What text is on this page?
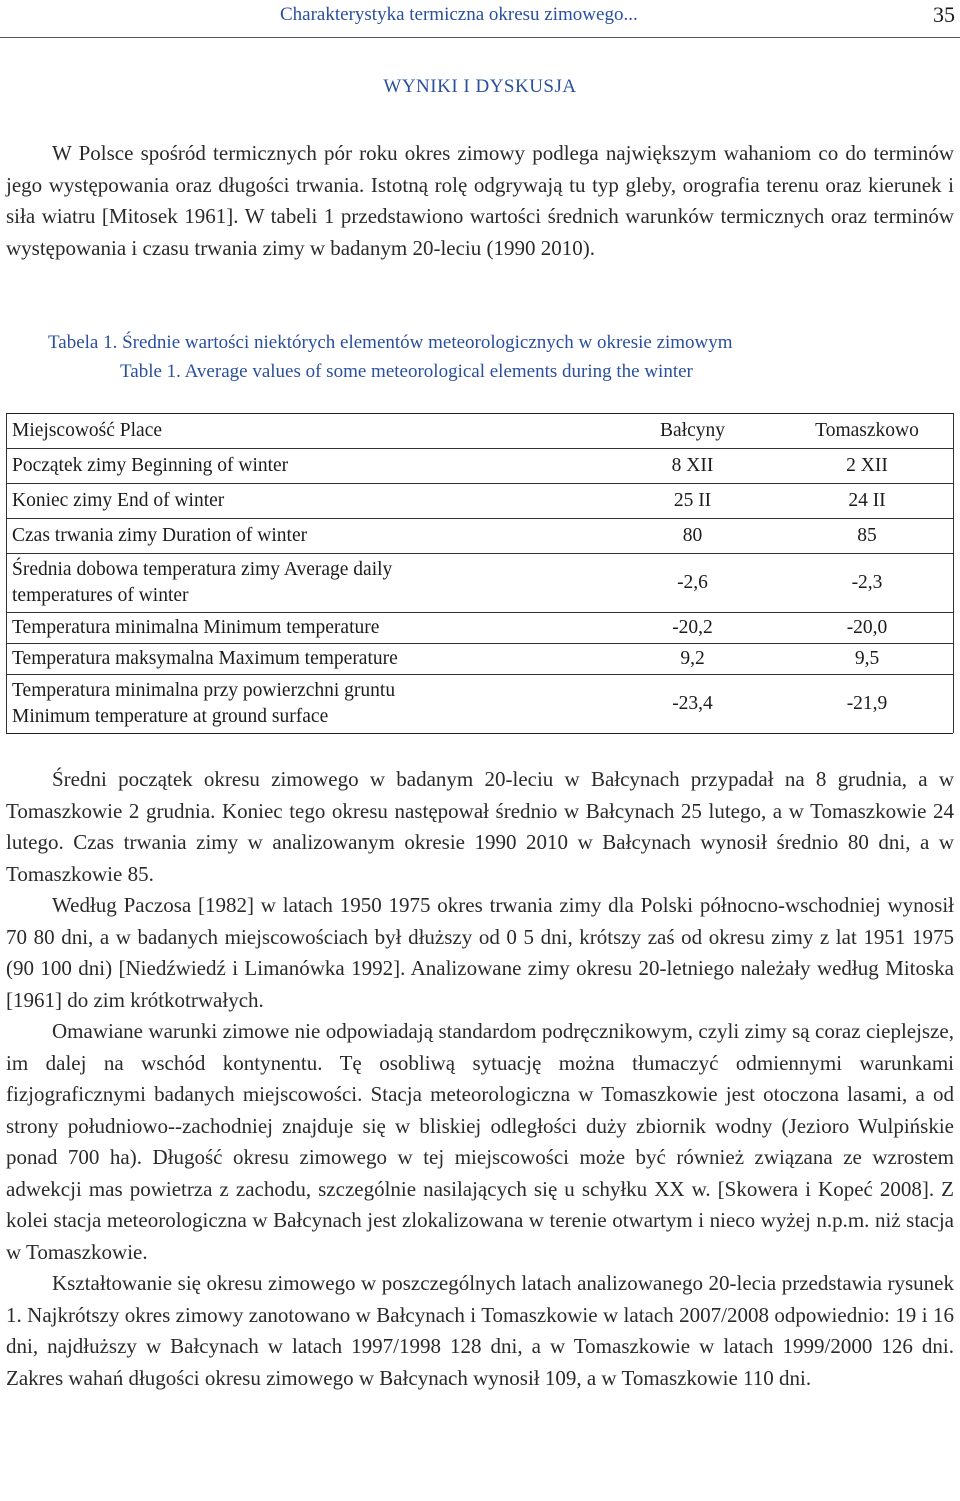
Charakterystyka termiczna okresu zimowego...	35
WYNIKI I DYSKUSJA
W Polsce spośród termicznych pór roku okres zimowy podlega największym wahaniom co do terminów jego występowania oraz długości trwania. Istotną rolę odgrywają tu typ gleby, orografia terenu oraz kierunek i siła wiatru [Mitosek 1961]. W tabeli 1 przedstawiono wartości średnich warunków termicznych oraz terminów występowania i czasu trwania zimy w badanym 20-leciu (1990 2010).
Tabela 1. Średnie wartości niektórych elementów meteorologicznych w okresie zimowym
Table 1. Average values of some meteorological elements during the winter
Miejscowość Place	Bałcyny	Tomaszkowo
Początek zimy Beginning of winter	8 XII	2 XII
Koniec zimy End of winter	25 II	24 II
Czas trwania zimy Duration of winter	80	85

Średnia dobowa temperatura zimy Average daily
temperatures of winter	-2,6	-2,3
Temperatura minimalna Minimum temperature	-20,2	-20,0
Temperatura maksymalna Maximum temperature	9,2	9,5

Temperatura minimalna przy powierzchni gruntu
Minimum temperature at ground surface	-23,4	-21,9

Średni początek okresu zimowego w badanym 20-leciu w Bałcynach przypadał na 8 grudnia, a w Tomaszkowie 2 grudnia. Koniec tego okresu następował średnio w Bałcynach 25 lutego, a w Tomaszkowie 24 lutego. Czas trwania zimy w analizowanym okresie 1990 2010 w Bałcynach wynosił średnio 80 dni, a w Tomaszkowie 85.

Według Paczosa [1982] w latach 1950 1975 okres trwania zimy dla Polski północno-wschodniej wynosił 70 80 dni, a w badanych miejscowościach był dłuższy od 0 5 dni, krótszy zaś od okresu zimy z lat 1951 1975 (90 100 dni) [Niedźwiedź i Limanówka 1992]. Analizowane zimy okresu 20-letniego należały według Mitoska [1961] do zim krótkotrwałych.

Omawiane warunki zimowe nie odpowiadają standardom podręcznikowym, czyli zimy są coraz cieplejsze, im dalej na wschód kontynentu. Tę osobliwą sytuację można tłumaczyć odmiennymi warunkami fizjograficznymi badanych miejscowości. Stacja meteorologiczna w Tomaszkowie jest otoczona lasami, a od strony południowo--zachodniej znajduje się w bliskiej odległości duży zbiornik wodny (Jezioro Wulpińskie ponad 700 ha). Długość okresu zimowego w tej miejscowości może być również związana ze wzrostem adwekcji mas powietrza z zachodu, szczególnie nasilających się u schyłku XX w. [Skowera i Kopeć 2008]. Z kolei stacja meteorologiczna w Bałcynach jest zlokalizowana w terenie otwartym i nieco wyżej n.p.m. niż stacja w Tomaszkowie.

Kształtowanie się okresu zimowego w poszczególnych latach analizowanego 20-lecia przedstawia rysunek 1. Najkrótszy okres zimowy zanotowano w Bałcynach i Tomaszkowie w latach 2007/2008 odpowiednio: 19 i 16 dni, najdłuższy w Bałcynach w latach 1997/1998 128 dni, a w Tomaszkowie w latach 1999/2000 126 dni. Zakres wahań długości okresu zimowego w Bałcynach wynosił 109, a w Tomaszkowie 110 dni.
